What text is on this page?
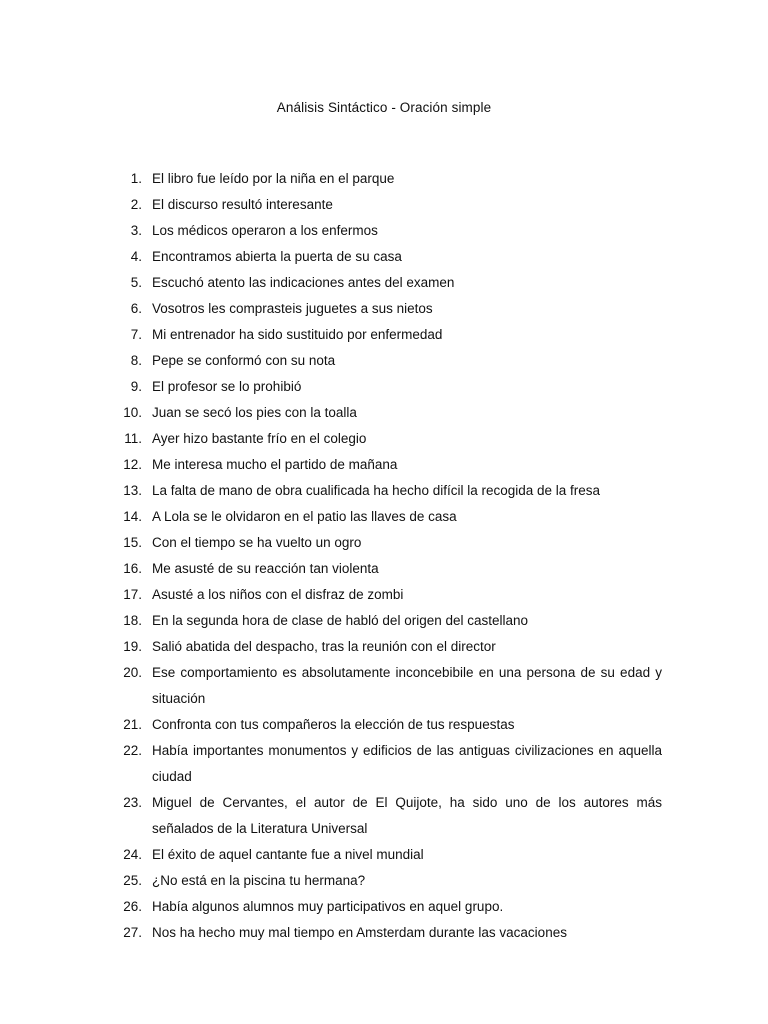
Análisis Sintáctico - Oración simple
1. El libro fue leído por la niña en el parque
2. El discurso resultó interesante
3. Los médicos operaron a los enfermos
4. Encontramos abierta la puerta de su casa
5. Escuchó atento las indicaciones antes del examen
6. Vosotros les comprasteis juguetes a sus nietos
7. Mi entrenador ha sido sustituido por enfermedad
8. Pepe se conformó con su nota
9. El profesor se lo prohibió
10. Juan se secó los pies con la toalla
11. Ayer hizo bastante frío en el colegio
12. Me interesa mucho el partido de mañana
13. La falta de mano de obra cualificada ha hecho difícil la recogida de la fresa
14. A Lola se le olvidaron en el patio las llaves de casa
15. Con el tiempo se ha vuelto un ogro
16. Me asusté de su reacción tan violenta
17. Asusté a los niños con el disfraz de zombi
18. En la segunda hora de clase de habló del origen del castellano
19. Salió abatida del despacho, tras la reunión con el director
20. Ese comportamiento es absolutamente inconcebibile en una persona de su edad y situación
21. Confronta con tus compañeros la elección de tus respuestas
22. Había importantes monumentos y edificios de las antiguas civilizaciones en aquella ciudad
23. Miguel de Cervantes, el autor de El Quijote, ha sido uno de los autores más señalados de la Literatura Universal
24. El éxito de aquel cantante fue a nivel mundial
25. ¿No está en la piscina tu hermana?
26. Había algunos alumnos muy participativos en aquel grupo.
27. Nos ha hecho muy mal tiempo en Amsterdam durante las vacaciones
